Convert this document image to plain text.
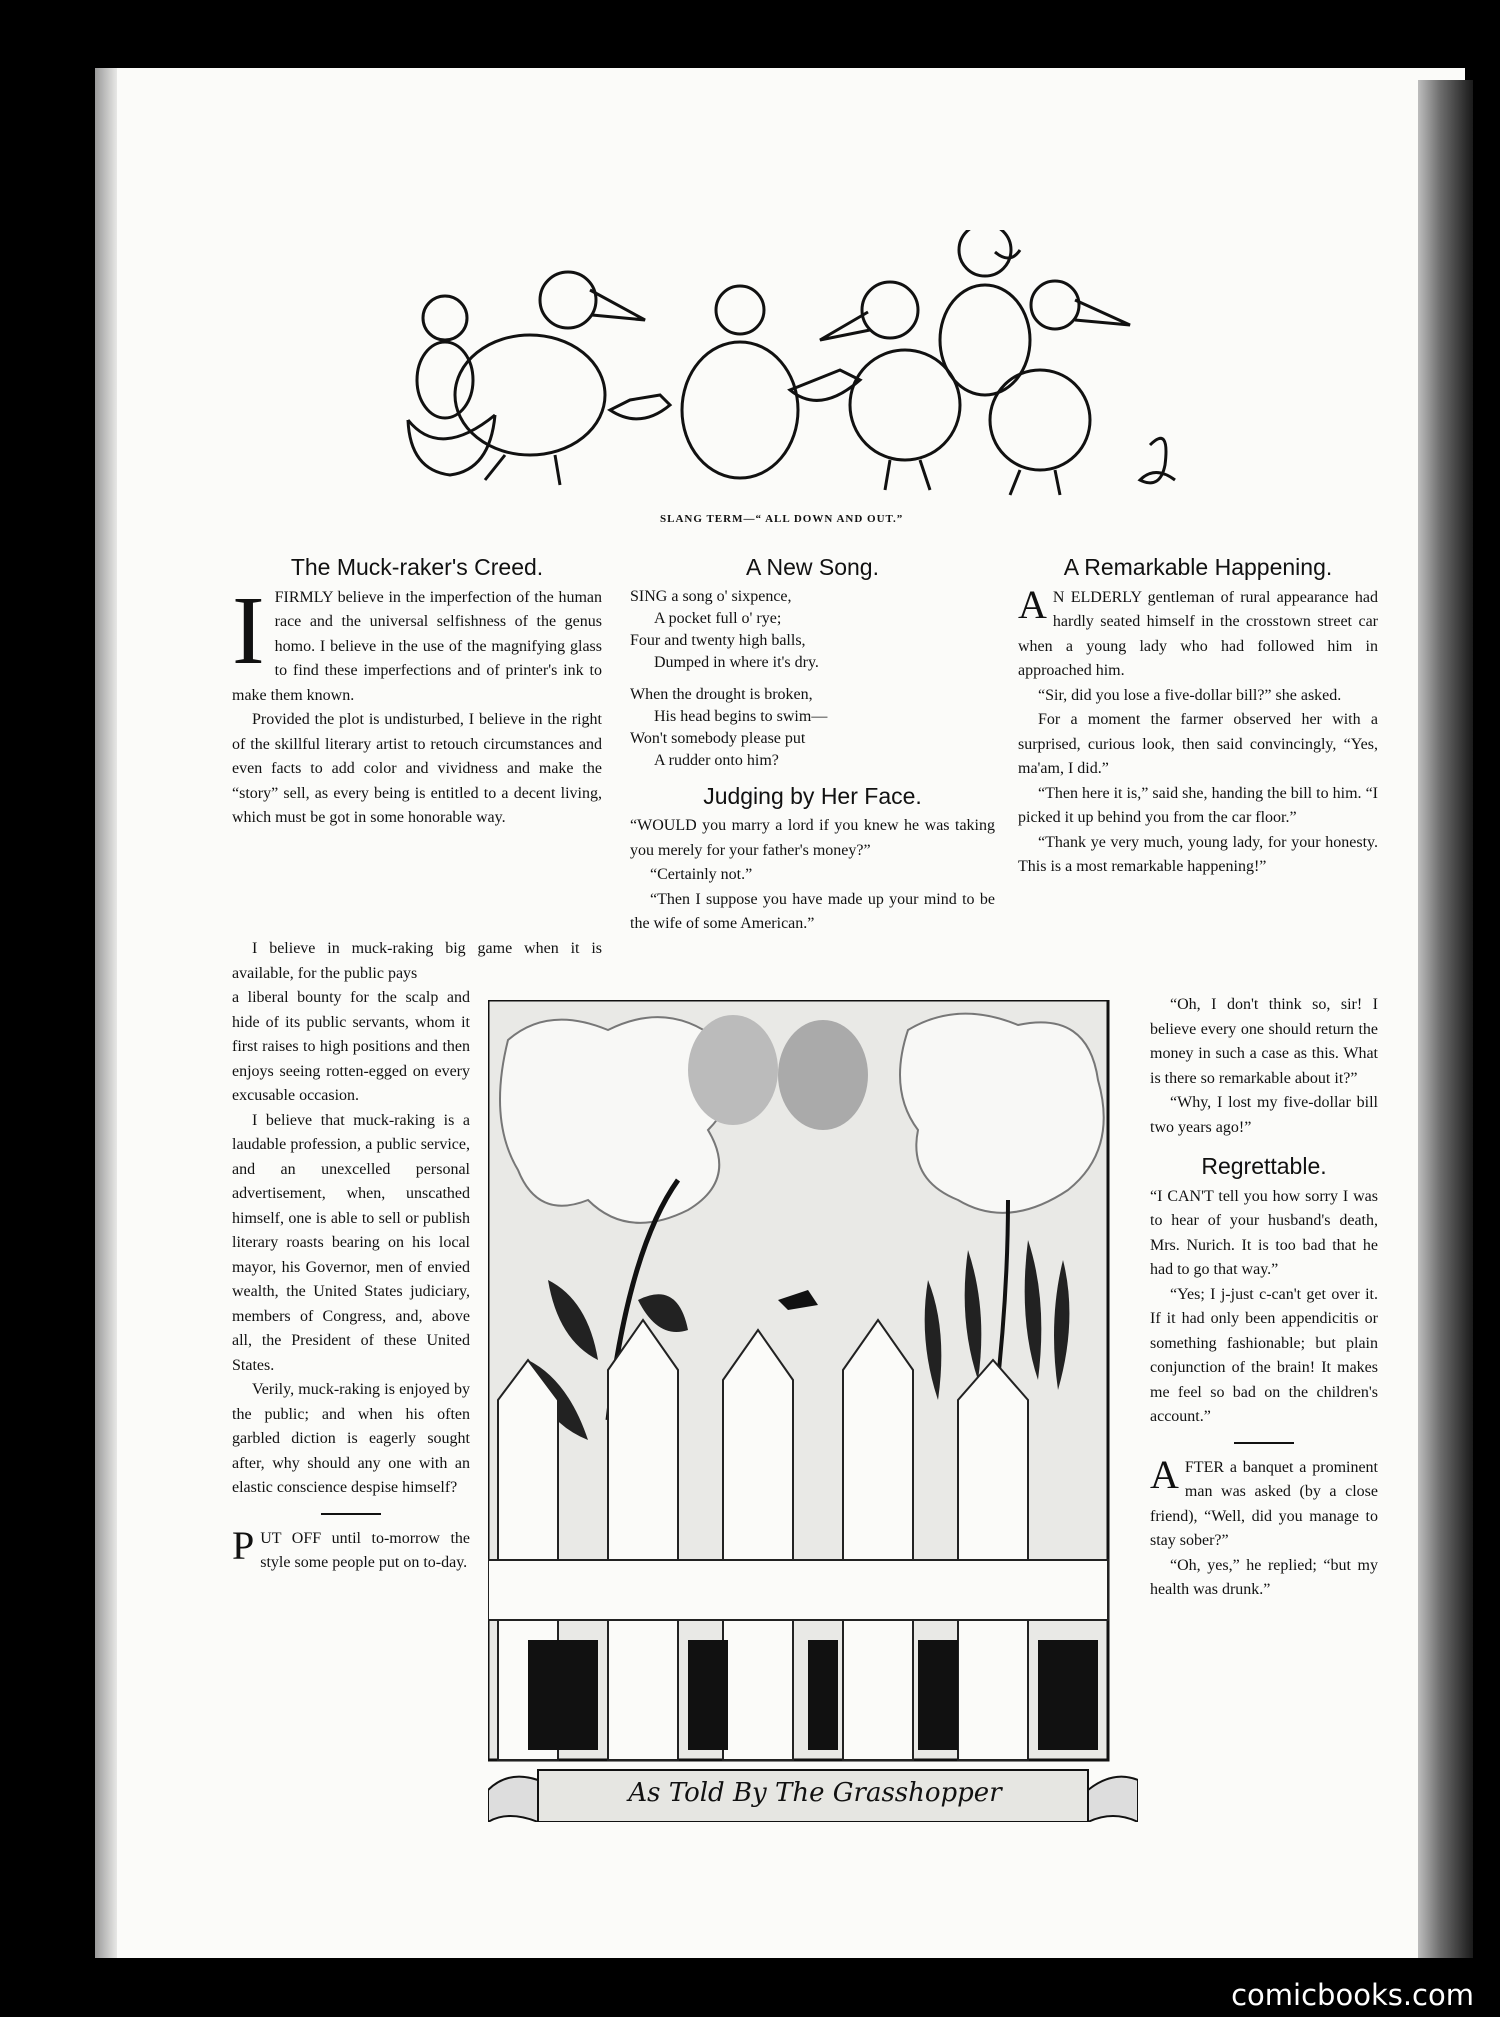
SLANG TERM—“ ALL DOWN AND OUT.”
The Muck-raker's Creed.
I FIRMLY believe in the imperfection of the human race and the universal selfishness of the genus homo. I believe in the use of the magnifying glass to find these imperfections and of printer's ink to make them known.

Provided the plot is undisturbed, I believe in the right of the skillful literary artist to retouch circumstances and even facts to add color and vividness and make the “story” sell, as every being is entitled to a decent living, which must be got in some honorable way.

I believe in muck-raking big game when it is available, for the public pays

a liberal bounty for the scalp and hide of its public servants, whom it first raises to high positions and then enjoys seeing rotten-egged on every excusable occasion.

I believe that muck-raking is a laudable profession, a public service, and an unexcelled personal advertisement, when, unscathed himself, one is able to sell or publish literary roasts bearing on his local mayor, his Governor, men of envied wealth, the United States judiciary, members of Congress, and, above all, the President of these United States.

Verily, muck-raking is enjoyed by the public; and when his often garbled diction is eagerly sought after, why should any one with an elastic conscience despise himself?

P UT OFF until to-morrow the style some people put on to-day.

A New Song.
SING a song o' sixpence,
A pocket full o' rye;
Four and twenty high balls,
Dumped in where it's dry.
When the drought is broken,
His head begins to swim—
Won't somebody please put
A rudder onto him?
Judging by Her Face.

“WOULD you marry a lord if you knew he was taking you merely for your father's money?”

“Certainly not.”

“Then I suppose you have made up your mind to be the wife of some American.”

A Remarkable Happening.
A N ELDERLY gentleman of rural appearance had hardly seated himself in the crosstown street car when a young lady who had followed him in approached him.

“Sir, did you lose a five-dollar bill?” she asked.

For a moment the farmer observed her with a surprised, curious look, then said convincingly, “Yes, ma'am, I did.”

“Then here it is,” said she, handing the bill to him. “I picked it up behind you from the car floor.”

“Thank ye very much, young lady, for your honesty. This is a most remarkable happening!”

“Oh, I don't think so, sir! I believe every one should return the money in such a case as this. What is there so remarkable about it?”

“Why, I lost my five-dollar bill two years ago!”

Regrettable.

“I CAN'T tell you how sorry I was to hear of your husband's death, Mrs. Nurich. It is too bad that he had to go that way.”

“Yes; I j-just c-can't get over it. If it had only been appendicitis or something fashionable; but plain conjunction of the brain! It makes me feel so bad on the children's account.”

A FTER a banquet a prominent man was asked (by a close friend), “Well, did you manage to stay sober?”

“Oh, yes,” he replied; “but my health was drunk.”

As Told By The Grasshopper
comicbooks.com
